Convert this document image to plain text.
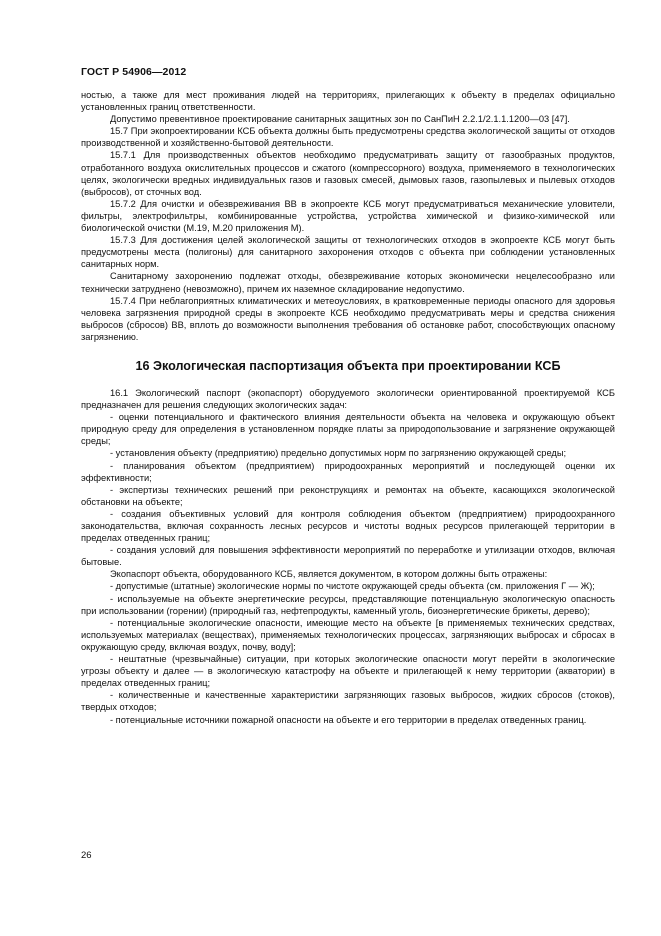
ГОСТ Р 54906—2012

ностью, а также для мест проживания людей на территориях, прилегающих к объекту в пределах официально установленных границ ответственности.

Допустимо превентивное проектирование санитарных защитных зон по СанПиН 2.2.1/2.1.1.1200—03 [47].

15.7 При экопроектировании КСБ объекта должны быть предусмотрены средства экологической защиты от отходов производственной и хозяйственно-бытовой деятельности.

15.7.1 Для производственных объектов необходимо предусматривать защиту от газообразных продуктов, отработанного воздуха окислительных процессов и сжатого (компрессорного) воздуха, применяемого в технологических целях, экологически вредных индивидуальных газов и газовых смесей, дымовых газов, газопылевых и пылевых отходов (выбросов), от сточных вод.

15.7.2 Для очистки и обезвреживания ВВ в экопроекте КСБ могут предусматриваться механические уловители, фильтры, электрофильтры, комбинированные устройства, устройства химической и физико-химической или биологической очистки (М.19, М.20 приложения М).

15.7.3 Для достижения целей экологической защиты от технологических отходов в экопроекте КСБ могут быть предусмотрены места (полигоны) для санитарного захоронения отходов с объекта при соблюдении установленных санитарных норм.

Санитарному захоронению подлежат отходы, обезвреживание которых экономически нецелесообразно или технически затруднено (невозможно), причем их наземное складирование недопустимо.

15.7.4 При неблагоприятных климатических и метеоусловиях, в кратковременные периоды опасного для здоровья человека загрязнения природной среды в экопроекте КСБ необходимо предусматривать меры и средства снижения выбросов (сбросов) ВВ, вплоть до возможности выполнения требования об остановке работ, способствующих опасному загрязнению.

16 Экологическая паспортизация объекта при проектировании КСБ

16.1 Экологический паспорт (экопаспорт) оборудуемого экологически ориентированной проектируемой КСБ предназначен для решения следующих экологических задач:

- оценки потенциального и фактического влияния деятельности объекта на человека и окружающую объект природную среду для определения в установленном порядке платы за природопользование и загрязнение окружающей среды;

- установления объекту (предприятию) предельно допустимых норм по загрязнению окружающей среды;

- планирования объектом (предприятием) природоохранных мероприятий и последующей оценки их эффективности;

- экспертизы технических решений при реконструкциях и ремонтах на объекте, касающихся экологической обстановки на объекте;

- создания объективных условий для контроля соблюдения объектом (предприятием) природоохранного законодательства, включая сохранность лесных ресурсов и чистоты водных ресурсов прилегающей территории в пределах отведенных границ;

- создания условий для повышения эффективности мероприятий по переработке и утилизации отходов, включая бытовые.

Экопаспорт объекта, оборудованного КСБ, является документом, в котором должны быть отражены:

- допустимые (штатные) экологические нормы по чистоте окружающей среды объекта (см. приложения Г — Ж);

- используемые на объекте энергетические ресурсы, представляющие потенциальную экологическую опасность при использовании (горении) (природный газ, нефтепродукты, каменный уголь, биоэнергетические брикеты, дерево);

- потенциальные экологические опасности, имеющие место на объекте [в применяемых технических средствах, используемых материалах (веществах), применяемых технологических процессах, загрязняющих выбросах и сбросах в окружающую среду, включая воздух, почву, воду];

- нештатные (чрезвычайные) ситуации, при которых экологические опасности могут перейти в экологические угрозы объекту и далее — в экологическую катастрофу на объекте и прилегающей к нему территории (акватории) в пределах отведенных границ;

- количественные и качественные характеристики загрязняющих газовых выбросов, жидких сбросов (стоков), твердых отходов;

- потенциальные источники пожарной опасности на объекте и его территории в пределах отведенных границ.

26
